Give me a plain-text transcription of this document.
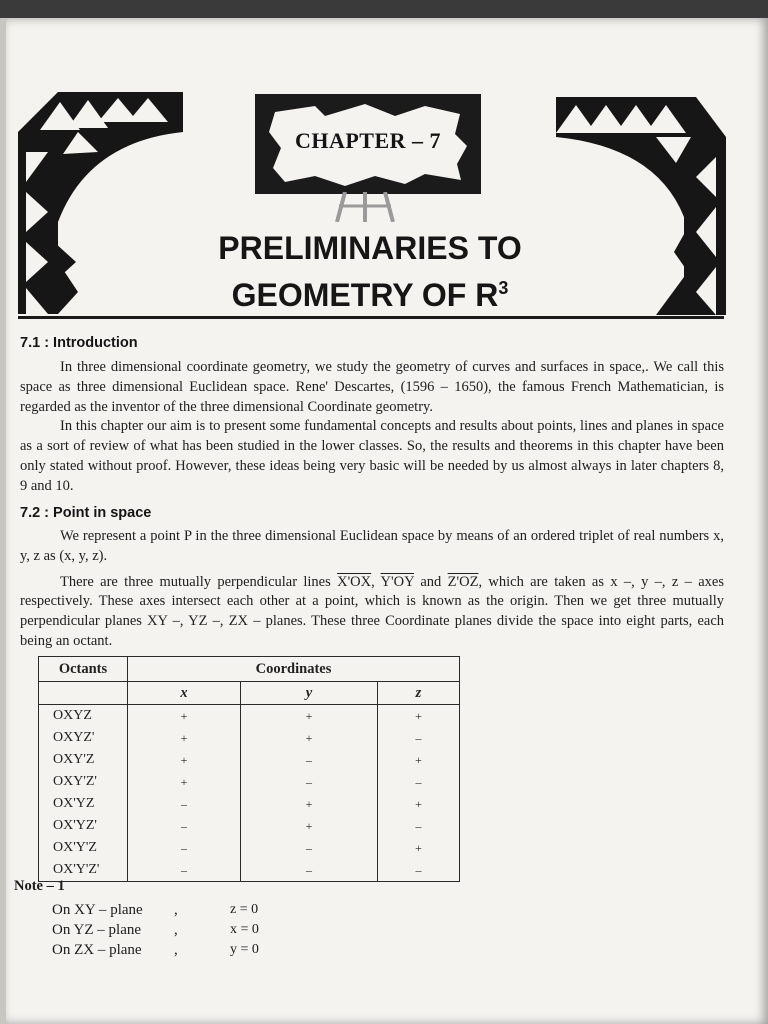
CHAPTER – 7
PRELIMINARIES TO
GEOMETRY OF $R^3$
7.1 : Introduction

In three dimensional coordinate geometry, we study the geometry of curves and surfaces in space,. We call this space as three dimensional Euclidean space. Rene' Descartes, (1596 – 1650), the famous French Mathematician, is regarded as the inventor of the three dimensional Coordinate geometry.

In this chapter our aim is to present some fundamental concepts and results about points, lines and planes in space as a sort of review of what has been studied in the lower classes. So, the results and theorems in this chapter have been only stated without proof. However, these ideas being very basic will be needed by us almost always in later chapters 8, 9 and 10.

7.2 : Point in space

We represent a point P in the three dimensional Euclidean space by means of an ordered triplet of real numbers x, y, z as (x, y, z).

There are three mutually perpendicular lines X'OX, Y'OY and Z'OZ, which are taken as x –, y –, z – axes respectively. These axes intersect each other at a point, which is known as the origin. Then we get three mutually perpendicular planes XY –, YZ –, ZX – planes. These three Coordinate planes divide the space into eight parts, each being an octant.

Octants	Coordinates		
	x	y	z
OXYZ	+	+	+
OXYZ'	+	+	–
OXY'Z	+	–	+
OXY'Z'	+	–	–
OX'YZ	–	+	+
OX'YZ'	–	+	–
OX'Y'Z	–	–	+
OX'Y'Z'	–	–	–
Note – 1
On XY – plane ,	z = 0
On YZ – plane ,	x = 0
On ZX – plane ,	y = 0
